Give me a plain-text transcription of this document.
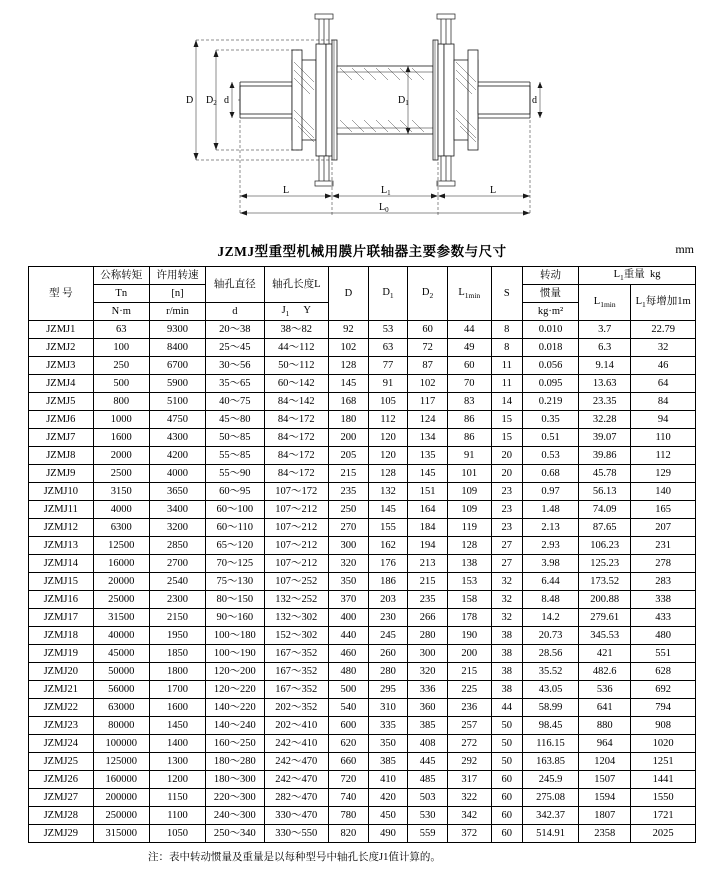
D $D_2$ d	$D_1$	d
L	$L_1$	L
$L_0$
JZMJ型重型机械用膜片联轴器主要参数与尺寸	mm
型 号	公称转矩	许用转速	轴孔直径	轴孔长度L	D	$D_1$	$D_2$	$L_{1min}$	S	转动	$L_1$重量  kg	
	Tn	[n]								惯量	$L_{1min}$	$L_1$每增加1m
	N·m	r/min	d	$J_1$ Y						kg·m²		
JZMJ1	63	9300	20～38	38～82	92	53	60	44	8	0.010	3.7	22.79
JZMJ2	100	8400	25～45	44～112	102	63	72	49	8	0.018	6.3	32
JZMJ3	250	6700	30～56	50～112	128	77	87	60	11	0.056	9.14	46
JZMJ4	500	5900	35～65	60～142	145	91	102	70	11	0.095	13.63	64
JZMJ5	800	5100	40～75	84～142	168	105	117	83	14	0.219	23.35	84
JZMJ6	1000	4750	45～80	84～172	180	112	124	86	15	0.35	32.28	94
JZMJ7	1600	4300	50～85	84～172	200	120	134	86	15	0.51	39.07	110
JZMJ8	2000	4200	55～85	84～172	205	120	135	91	20	0.53	39.86	112
JZMJ9	2500	4000	55～90	84～172	215	128	145	101	20	0.68	45.78	129
JZMJ10	3150	3650	60～95	107～172	235	132	151	109	23	0.97	56.13	140
JZMJ11	4000	3400	60～100	107～212	250	145	164	109	23	1.48	74.09	165
JZMJ12	6300	3200	60～110	107～212	270	155	184	119	23	2.13	87.65	207
JZMJ13	12500	2850	65～120	107～212	300	162	194	128	27	2.93	106.23	231
JZMJ14	16000	2700	70～125	107～212	320	176	213	138	27	3.98	125.23	278
JZMJ15	20000	2540	75～130	107～252	350	186	215	153	32	6.44	173.52	283
JZMJ16	25000	2300	80～150	132～252	370	203	235	158	32	8.48	200.88	338
JZMJ17	31500	2150	90～160	132～302	400	230	266	178	32	14.2	279.61	433
JZMJ18	40000	1950	100～180	152～302	440	245	280	190	38	20.73	345.53	480
JZMJ19	45000	1850	100～190	167～352	460	260	300	200	38	28.56	421	551
JZMJ20	50000	1800	120～200	167～352	480	280	320	215	38	35.52	482.6	628
JZMJ21	56000	1700	120～220	167～352	500	295	336	225	38	43.05	536	692
JZMJ22	63000	1600	140～220	202～352	540	310	360	236	44	58.99	641	794
JZMJ23	80000	1450	140～240	202～410	600	335	385	257	50	98.45	880	908
JZMJ24	100000	1400	160～250	242～410	620	350	408	272	50	116.15	964	1020
JZMJ25	125000	1300	180～280	242～470	660	385	445	292	50	163.85	1204	1251
JZMJ26	160000	1200	180～300	242～470	720	410	485	317	60	245.9	1507	1441
JZMJ27	200000	1150	220～300	282～470	740	420	503	322	60	275.08	1594	1550
JZMJ28	250000	1100	240～300	330～470	780	450	530	342	60	342.37	1807	1721
JZMJ29	315000	1050	250～340	330～550	820	490	559	372	60	514.91	2358	2025
注：表中转动惯量及重量是以每种型号中轴孔长度J1值计算的。
